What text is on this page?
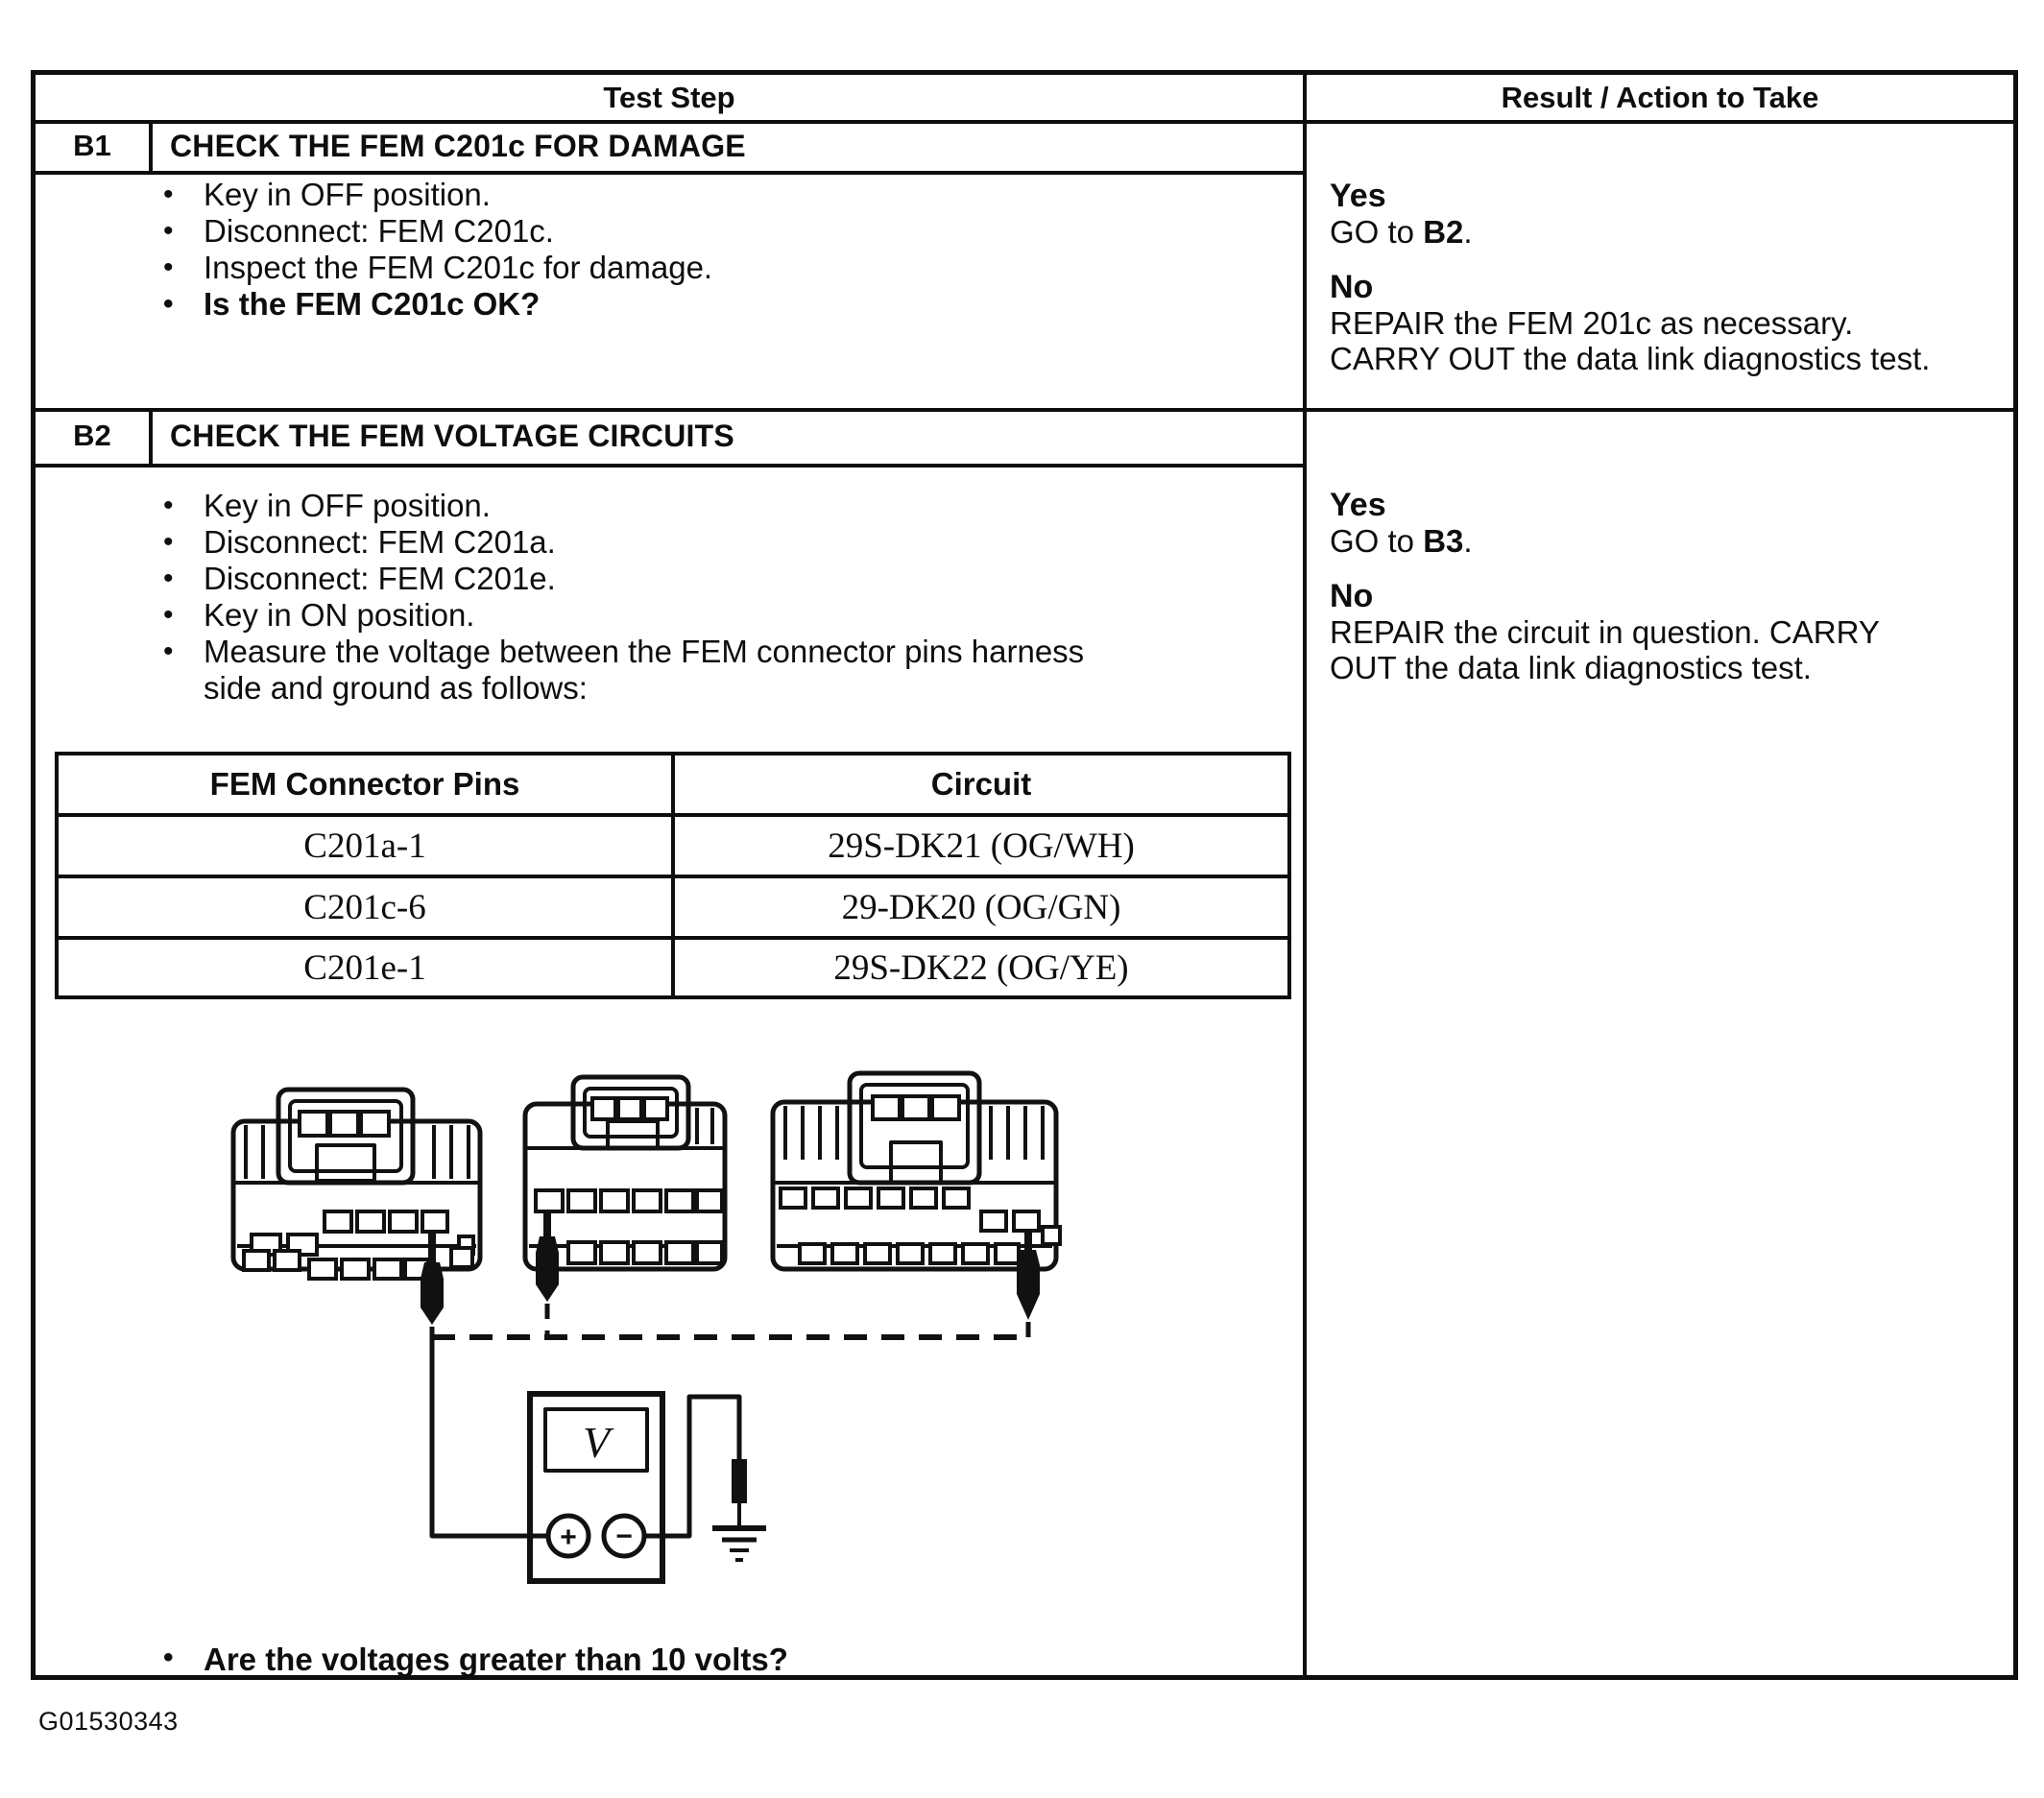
Test Step	Result / Action to Take
B1	CHECK THE FEM C201c FOR DAMAGE
• Key in OFF position.
• Disconnect: FEM C201c.
• Inspect the FEM C201c for damage.
• Is the FEM C201c OK?
Yes
GO to B2.
No
REPAIR the FEM 201c as necessary. CARRY OUT the data link diagnostics test.
B2	CHECK THE FEM VOLTAGE CIRCUITS
• Key in OFF position.
• Disconnect: FEM C201a.
• Disconnect: FEM C201e.
• Key in ON position.
• Measure the voltage between the FEM connector pins harness side and ground as follows:
Yes
GO to B3.
No
REPAIR the circuit in question. CARRY OUT the data link diagnostics test.
FEM Connector Pins	Circuit
C201a-1	29S-DK21 (OG/WH)
C201c-6	29-DK20 (OG/GN)
C201e-1	29S-DK22 (OG/YE)
V
+ −
• Are the voltages greater than 10 volts?
G01530343
